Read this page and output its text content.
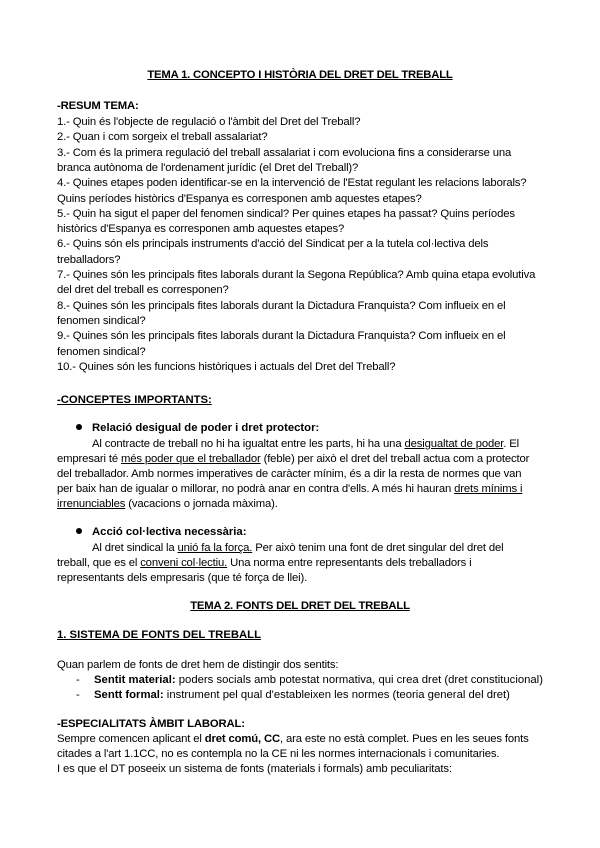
TEMA 1. CONCEPTO I HISTÒRIA DEL DRET DEL TREBALL
-RESUM TEMA:
1.- Quin és l'objecte de regulació o l'àmbit del Dret del Treball?
2.- Quan i com sorgeix el treball assalariat?
3.- Com és la primera regulació del treball assalariat i com evoluciona fins a considerarse una
branca autònoma de l'ordenament jurídic (el Dret del Treball)?
4.- Quines etapes poden identificar-se en la intervenció de l'Estat regulant les relacions laborals?
Quins períodes històrics d'Espanya es corresponen amb aquestes etapes?
5.- Quin ha sigut el paper del fenomen sindical? Per quines etapes ha passat? Quins períodes
històrics d'Espanya es corresponen amb aquestes etapes?
6.- Quins són els principals instruments d'acció del Sindicat per a la tutela col·lectiva dels
treballadors?
7.- Quines són les principals fites laborals durant la Segona República? Amb quina etapa evolutiva
del dret del treball es corresponen?
8.- Quines són les principals fites laborals durant la Dictadura Franquista? Com influeix en el
fenomen sindical?
9.- Quines són les principals fites laborals durant la Dictadura Franquista? Com influeix en el
fenomen sindical?
10.- Quines són les funcions històriques i actuals del Dret del Treball?
-CONCEPTES IMPORTANTS:
Relació desigual de poder i dret protector:
Al contracte de treball no hi ha igualtat entre les parts, hi ha una desigualtat de poder. El
empresari té més poder que el treballador (feble) per això el dret del treball actua com a protector
del treballador. Amb normes imperatives de caràcter mínim, és a dir la resta de normes que van
per baix han de igualar o millorar, no podrà anar en contra d'ells. A més hi hauran drets mínims i
irrenunciables (vacacions o jornada màxima).
Acció col·lectiva necessària:
Al dret sindical la unió fa la força. Per això tenim una font de dret singular del dret del
treball, que es el conveni col·lectiu. Una norma entre representants dels treballadors i
representants dels empresaris (que té força de llei).
TEMA 2. FONTS DEL DRET DEL TREBALL
1. SISTEMA DE FONTS DEL TREBALL
Quan parlem de fonts de dret hem de distingir dos sentits:
- Sentit material: poders socials amb potestat normativa, qui crea dret (dret constitucional)
- Sentt formal: instrument pel qual d'estableixen les normes (teoria general del dret)
-ESPECIALITATS ÀMBIT LABORAL:
Sempre comencen aplicant el dret comú, CC, ara este no està complet. Pues en les seues fonts
citades a l'art 1.1CC, no es contempla no la CE ni les normes internacionals i comunitaries.
I es que el DT poseeix un sistema de fonts (materials i formals) amb peculiaritats:
